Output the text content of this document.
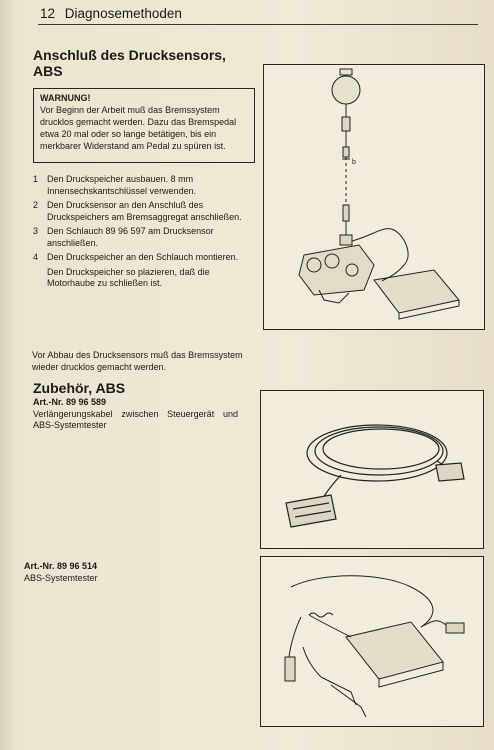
12 Diagnosemethoden
Anschluß des Drucksensors, ABS
WARNUNG!
Vor Beginn der Arbeit muß das Bremssystem drucklos gemacht werden. Dazu das Bremspedal etwa 20 mal oder so lange betätigen, bis ein merkbarer Widerstand am Pedal zu spüren ist.
1 Den Druckspeicher ausbauen. 8 mm Innensechskantschlüssel verwenden.
2 Den Drucksensor an den Anschluß des Druckspeichers am Bremsaggregat anschließen.
3 Den Schlauch 89 96 597 am Drucksensor anschließen.
4 Den Druckspeicher an den Schlauch montieren.
Den Druckspeicher so plazieren, daß die Motorhaube zu schließen ist.
Vor Abbau des Drucksensors muß das Bremssystem wieder drucklos gemacht werden.
Zubehör, ABS
Art.-Nr. 89 96 589
Verlängerungskabel zwischen Steuergerät und ABS-Systemtester
Art.-Nr. 89 96 514
ABS-Systemtester
b
